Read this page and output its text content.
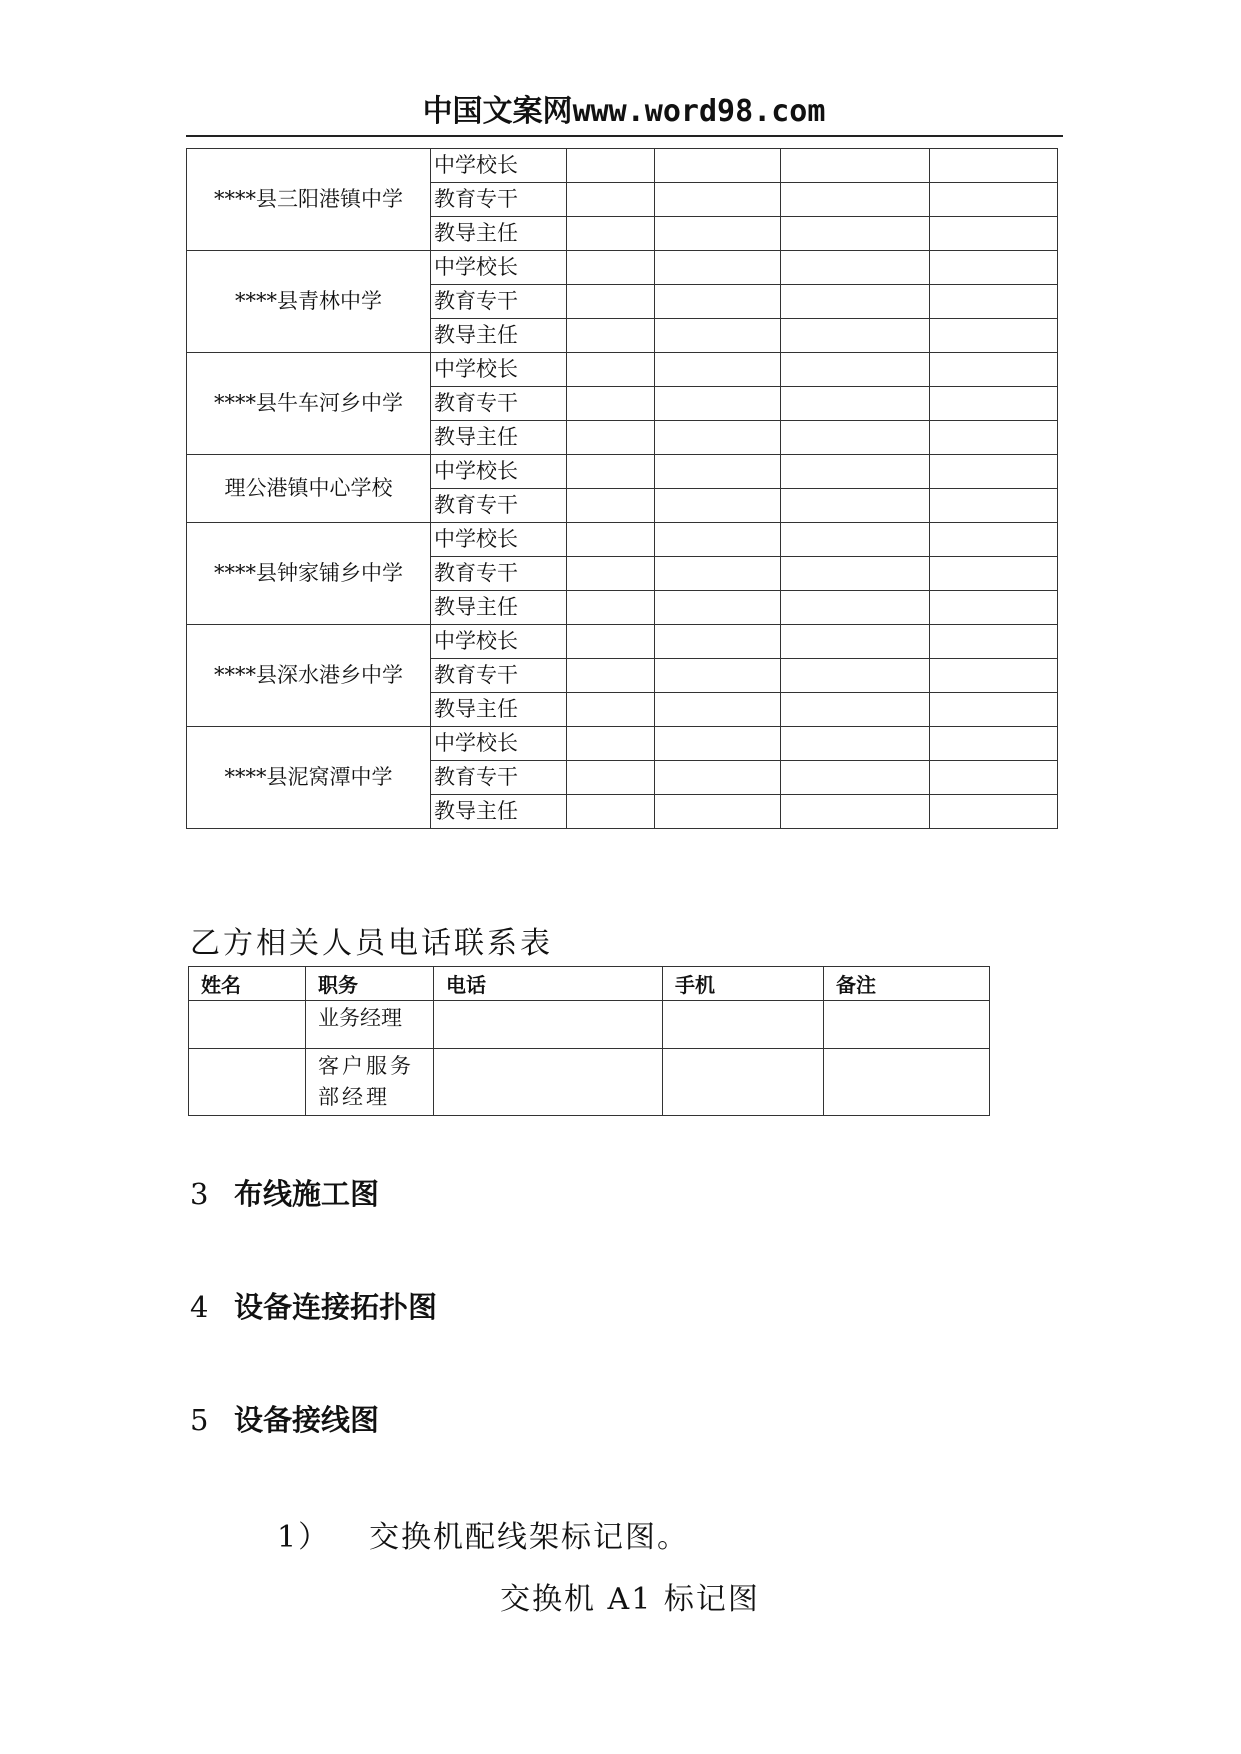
中国文案网www.word98.com
****县三阳港镇中学	中学校长				
	教育专干				
	教导主任				
****县青林中学	中学校长				
	教育专干				
	教导主任				
****县牛车河乡中学	中学校长				
	教育专干				
	教导主任				
理公港镇中心学校	中学校长				
	教育专干				
****县钟家铺乡中学	中学校长				
	教育专干				
	教导主任				
****县深水港乡中学	中学校长				
	教育专干				
	教导主任				
****县泥窝潭中学	中学校长				
	教育专干				
	教导主任				
乙方相关人员电话联系表
姓名	职务	电话	手机	备注
	业务经理			
	客户服务
部经理			
3 布线施工图
4 设备连接拓扑图
5 设备接线图
1） 交换机配线架标记图。
交换机 A1 标记图
